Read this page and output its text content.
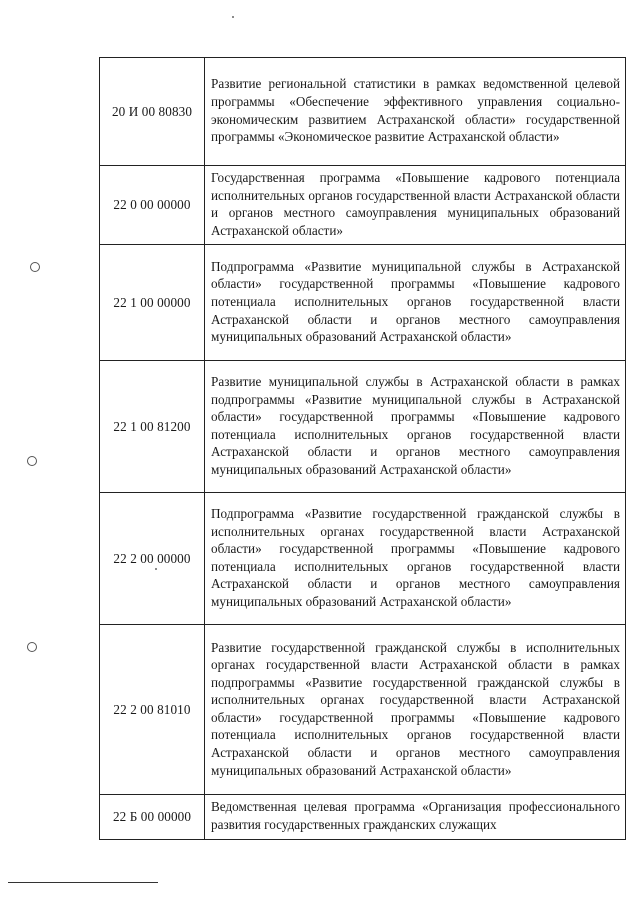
20 И 00 80830	Развитие региональной статистики в рамках ведомственной целевой программы «Обеспечение эффективного управления социально-экономическим развитием Астраханской области» государственной программы «Экономическое развитие Астраханской области»
22 0 00 00000	Государственная программа «Повышение кадрового потенциала исполнительных органов государственной власти Астраханской области и органов местного самоуправления муниципальных образований Астраханской области»
22 1 00 00000	Подпрограмма «Развитие муниципальной службы в Астраханской области» государственной программы «Повышение кадрового потенциала исполнительных органов государственной власти Астраханской области и органов местного самоуправления муниципальных образований Астраханской области»
22 1 00 81200	Развитие муниципальной службы в Астраханской области в рамках подпрограммы «Развитие муниципальной службы в Астраханской области» государственной программы «Повышение кадрового потенциала исполнительных органов государственной власти Астраханской области и органов местного самоуправления муниципальных образований Астраханской области»
22 2 00 00000	Подпрограмма «Развитие государственной гражданской службы в исполнительных органах государственной власти Астраханской области» государственной программы «Повышение кадрового потенциала исполнительных органов государственной власти Астраханской области и органов местного самоуправления муниципальных образований Астраханской области»
22 2 00 81010	Развитие государственной гражданской службы в исполнительных органах государственной власти Астраханской области в рамках подпрограммы «Развитие государственной гражданской службы в исполнительных органах государственной власти Астраханской области» государственной программы «Повышение кадрового потенциала исполнительных органов государственной власти Астраханской области и органов местного самоуправления муниципальных образований Астраханской области»
22 Б 00 00000	Ведомственная целевая программа «Организация профессионального развития государственных гражданских служащих
